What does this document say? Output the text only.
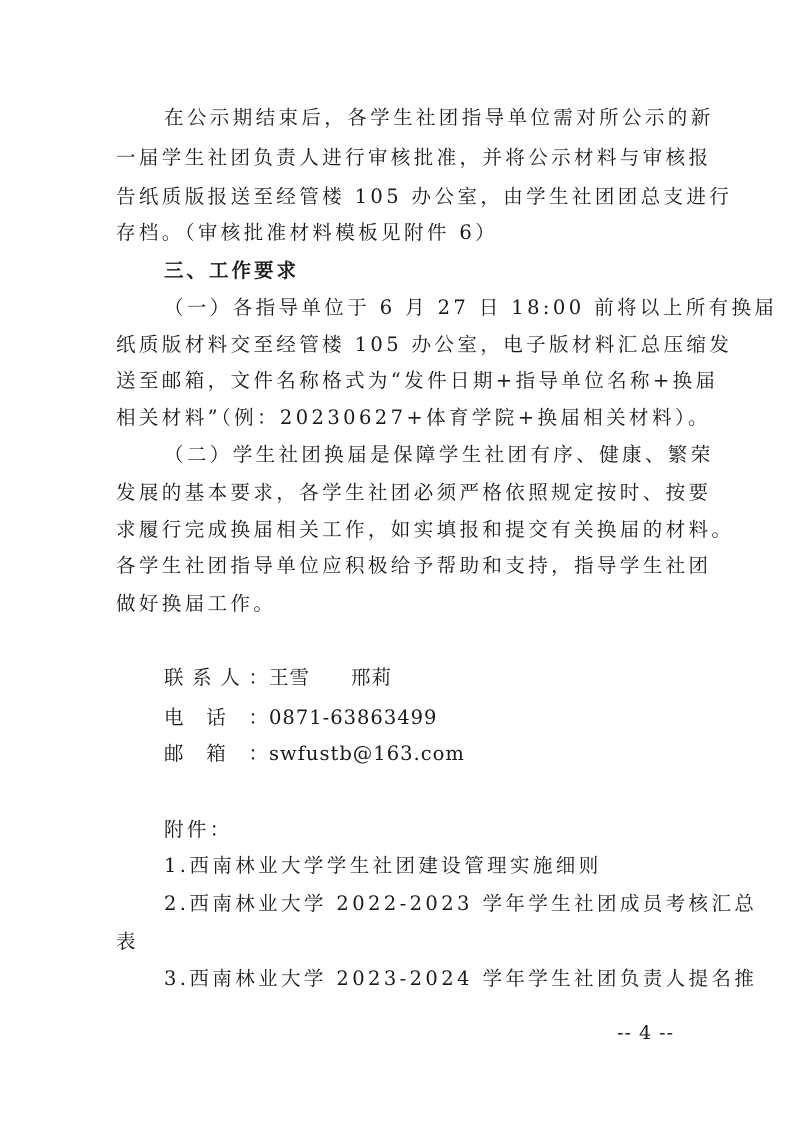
在公示期结束后，各学生社团指导单位需对所公示的新
一届学生社团负责人进行审核批准，并将公示材料与审核报
告纸质版报送至经管楼 105 办公室，由学生社团团总支进行
存档。（审核批准材料模板见附件 6）
三、工作要求
（一）各指导单位于 6 月 27 日 18:00 前将以上所有换届
纸质版材料交至经管楼 105 办公室，电子版材料汇总压缩发
送至邮箱，文件名称格式为“发件日期+指导单位名称+换届
相关材料”（例：20230627+体育学院+换届相关材料）。
（二）学生社团换届是保障学生社团有序、健康、繁荣
发展的基本要求，各学生社团必须严格依照规定按时、按要
求履行完成换届相关工作，如实填报和提交有关换届的材料。
各学生社团指导单位应积极给予帮助和支持，指导学生社团
做好换届工作。
联系人：王雪　　邢莉
电话：0871-63863499
邮箱：swfustb@163.com
附件：
1.西南林业大学学生社团建设管理实施细则
2.西南林业大学 2022-2023 学年学生社团成员考核汇总
表
3.西南林业大学 2023-2024 学年学生社团负责人提名推
-- 4 --
